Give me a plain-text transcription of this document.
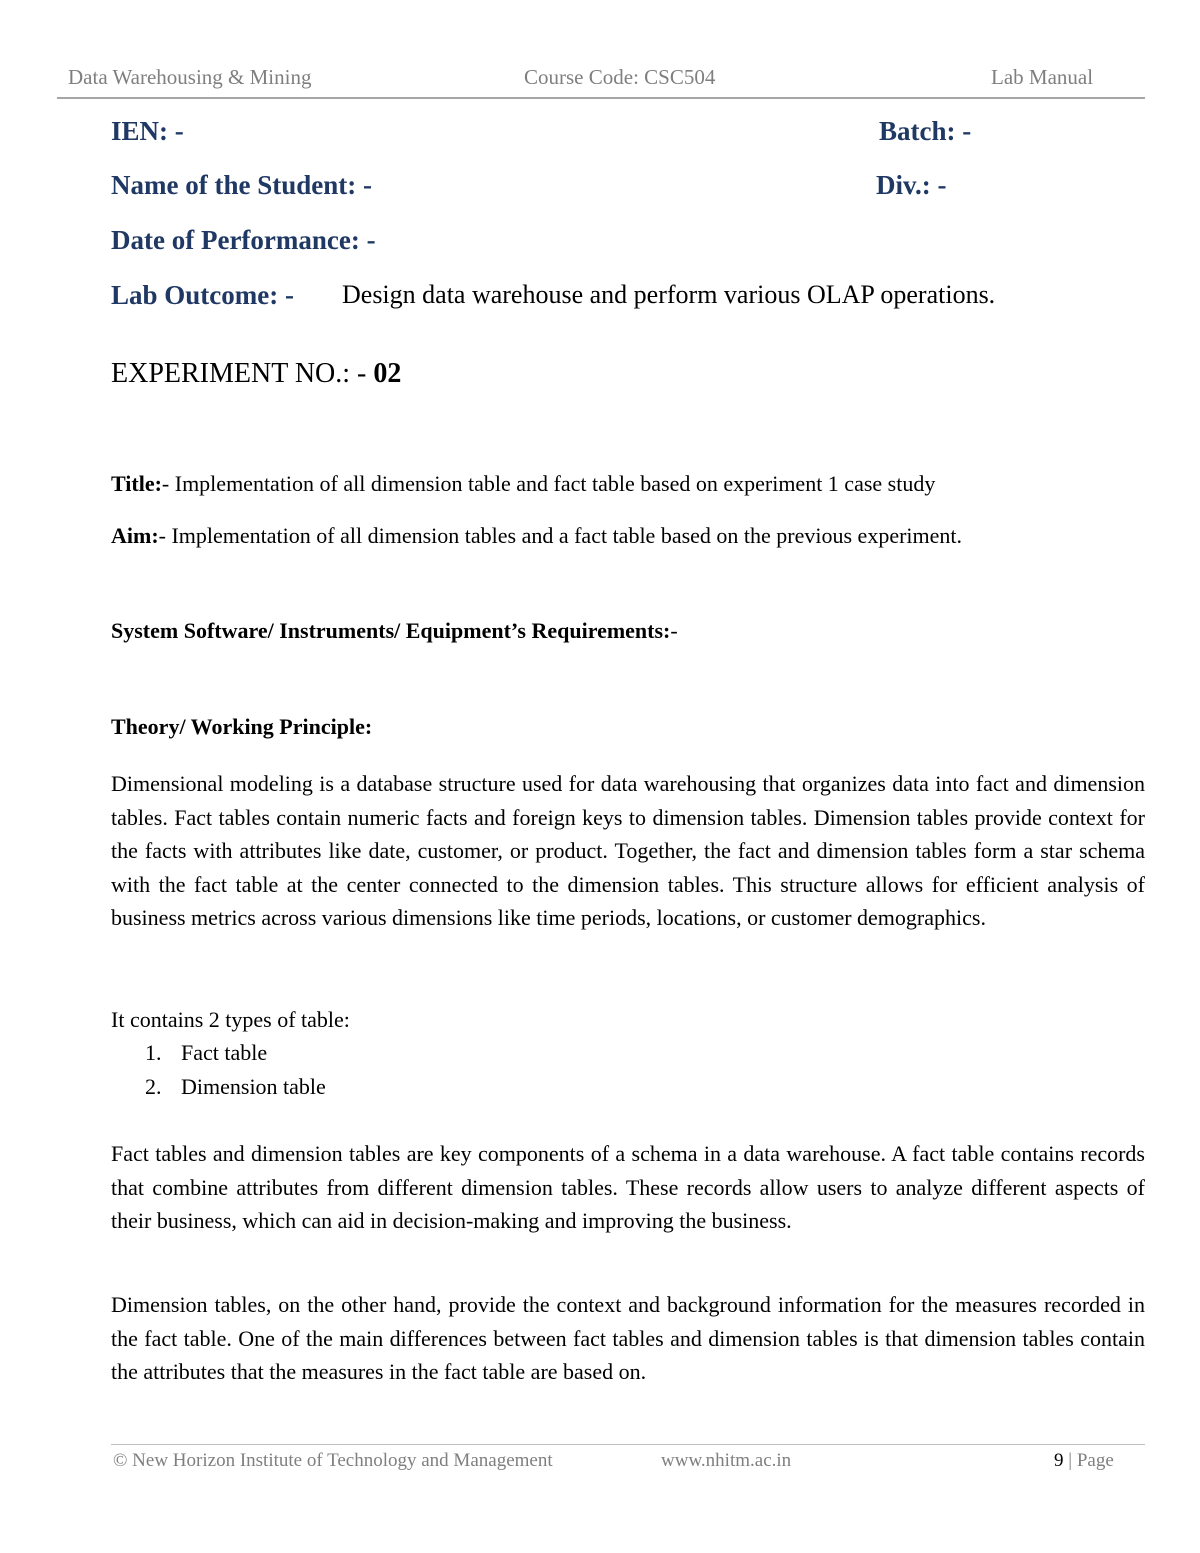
Data Warehousing & Mining	Course Code: CSC504	Lab Manual
IEN: -	Batch: -
Name of the Student: -	Div.: -
Date of Performance: -
Lab Outcome: - Design data warehouse and perform various OLAP operations.
EXPERIMENT NO.: - 02
Title:- Implementation of all dimension table and fact table based on experiment 1 case study
Aim:- Implementation of all dimension tables and a fact table based on the previous experiment.
System Software/ Instruments/ Equipment’s Requirements:-
Theory/ Working Principle:
Dimensional modeling is a database structure used for data warehousing that organizes data into fact and dimension tables. Fact tables contain numeric facts and foreign keys to dimension tables. Dimension tables provide context for the facts with attributes like date, customer, or product. Together, the fact and dimension tables form a star schema with the fact table at the center connected to the dimension tables. This structure allows for efficient analysis of business metrics across various dimensions like time periods, locations, or customer demographics.
It contains 2 types of table:
1. Fact table
2. Dimension table
Fact tables and dimension tables are key components of a schema in a data warehouse. A fact table contains records that combine attributes from different dimension tables. These records allow users to analyze different aspects of their business, which can aid in decision-making and improving the business.
Dimension tables, on the other hand, provide the context and background information for the measures recorded in the fact table. One of the main differences between fact tables and dimension tables is that dimension tables contain the attributes that the measures in the fact table are based on.
© New Horizon Institute of Technology and Management	www.nhitm.ac.in	9 | Page
